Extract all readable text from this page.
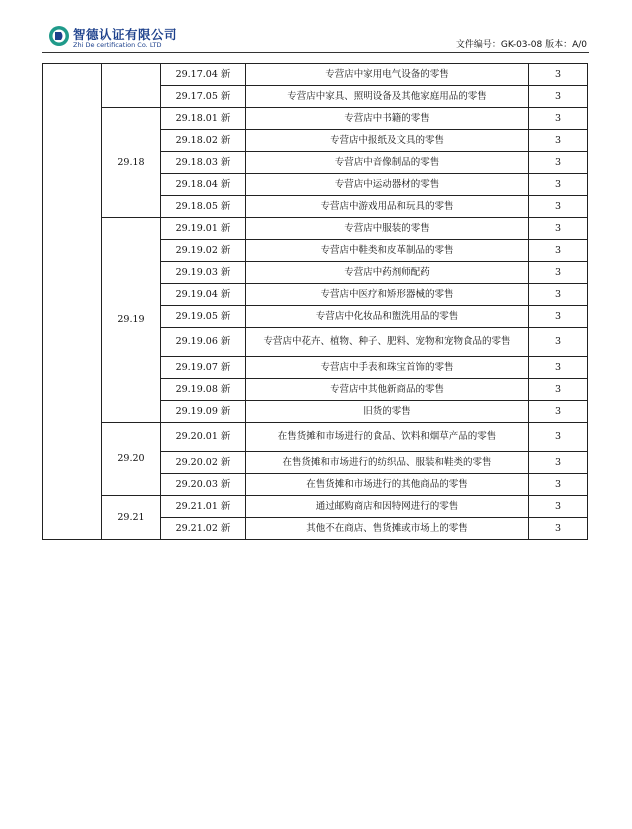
智德认证有限公司
Zhi De certification Co. LTD	文件编号：GK-03-08 版本：A/0
		29.17.04 新	专营店中家用电气设备的零售	3
		29.17.05 新	专营店中家具、照明设备及其他家庭用品的零售	3
	29.18	29.18.01 新	专营店中书籍的零售	3
		29.18.02 新	专营店中报纸及文具的零售	3
		29.18.03 新	专营店中音像制品的零售	3
		29.18.04 新	专营店中运动器材的零售	3
		29.18.05 新	专营店中游戏用品和玩具的零售	3
	29.19	29.19.01 新	专营店中服装的零售	3
		29.19.02 新	专营店中鞋类和皮革制品的零售	3
		29.19.03 新	专营店中药剂师配药	3
		29.19.04 新	专营店中医疗和矫形器械的零售	3
		29.19.05 新	专营店中化妆品和盥洗用品的零售	3
		29.19.06 新	专营店中花卉、植物、种子、肥料、宠物和宠物食品的零售	3
		29.19.07 新	专营店中手表和珠宝首饰的零售	3
		29.19.08 新	专营店中其他新商品的零售	3
		29.19.09 新	旧货的零售	3
	29.20	29.20.01 新	在售货摊和市场进行的食品、饮料和烟草产品的零售	3
		29.20.02 新	在售货摊和市场进行的纺织品、服装和鞋类的零售	3
		29.20.03 新	在售货摊和市场进行的其他商品的零售	3
	29.21	29.21.01 新	通过邮购商店和因特网进行的零售	3
		29.21.02 新	其他不在商店、售货摊或市场上的零售	3
